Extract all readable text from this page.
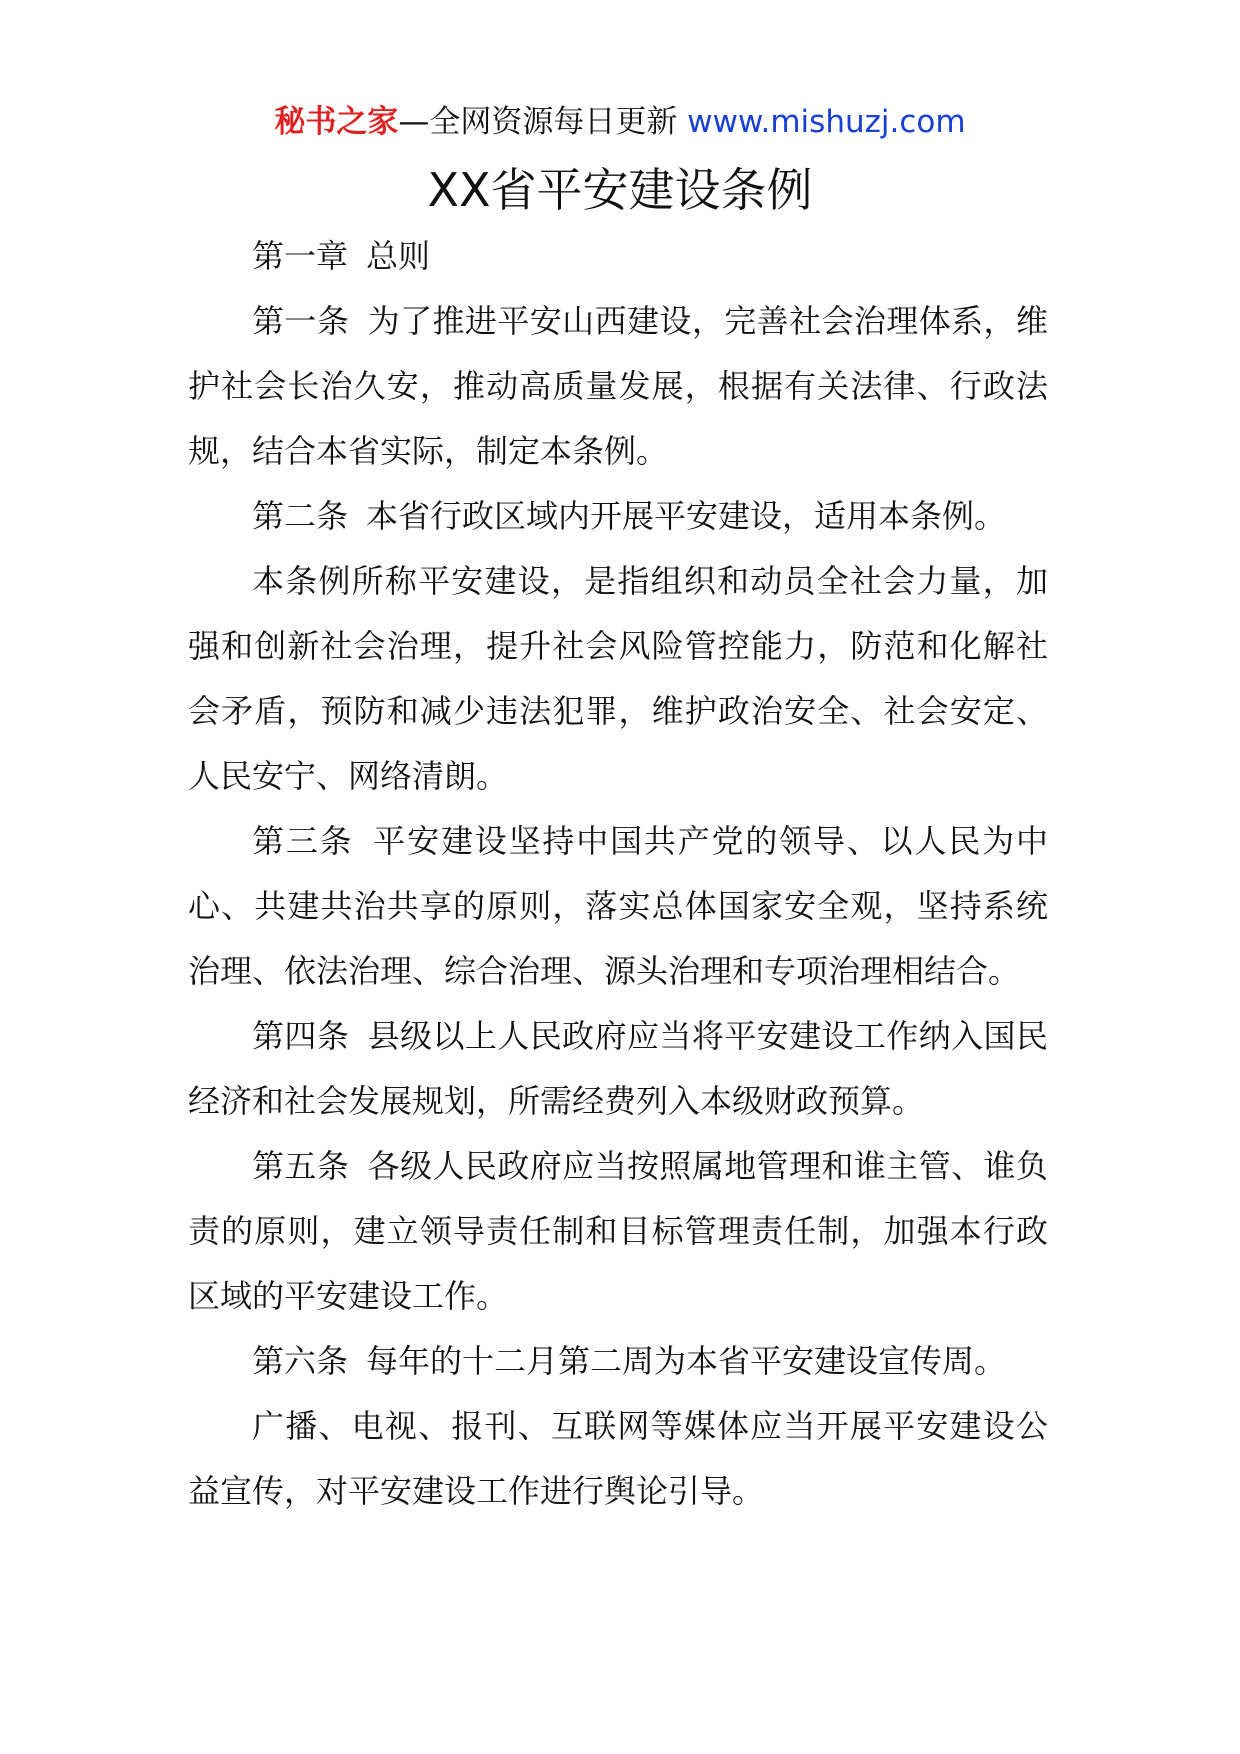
秘书之家—全网资源每日更新 www.mishuzj.com
XX省平安建设条例

第一章 总则

第一条 为了推进平安山西建设，完善社会治理体系，维护社会长治久安，推动高质量发展，根据有关法律、行政法规，结合本省实际，制定本条例。

第二条 本省行政区域内开展平安建设，适用本条例。

本条例所称平安建设，是指组织和动员全社会力量，加强和创新社会治理，提升社会风险管控能力，防范和化解社会矛盾，预防和减少违法犯罪，维护政治安全、社会安定、人民安宁、网络清朗。

第三条 平安建设坚持中国共产党的领导、以人民为中心、共建共治共享的原则，落实总体国家安全观，坚持系统治理、依法治理、综合治理、源头治理和专项治理相结合。

第四条 县级以上人民政府应当将平安建设工作纳入国民经济和社会发展规划，所需经费列入本级财政预算。

第五条 各级人民政府应当按照属地管理和谁主管、谁负责的原则，建立领导责任制和目标管理责任制，加强本行政区域的平安建设工作。

第六条 每年的十二月第二周为本省平安建设宣传周。

广播、电视、报刊、互联网等媒体应当开展平安建设公益宣传，对平安建设工作进行舆论引导。
